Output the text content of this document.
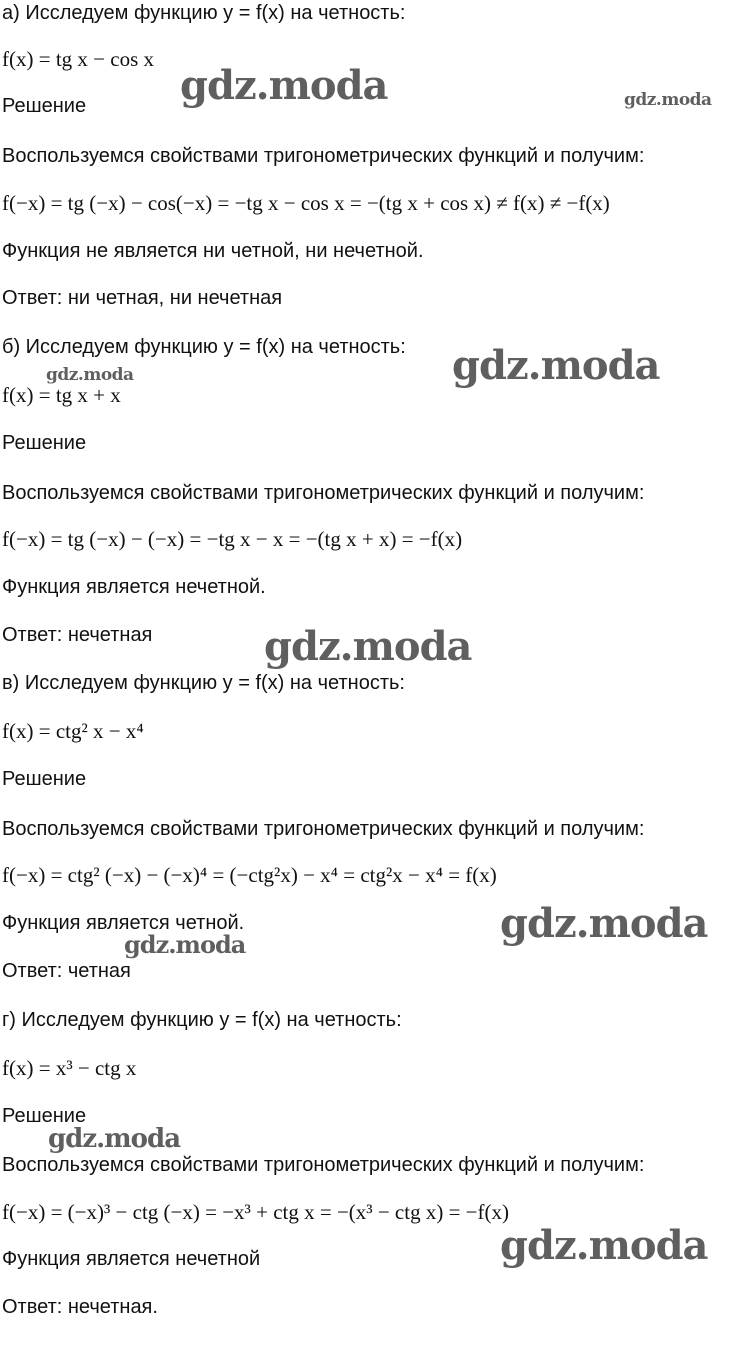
а) Исследуем функцию y = f(x) на четность:
f(x) = tg x − cos x
Решение
Воспользуемся свойствами тригонометрических функций и получим:
f(−x) = tg (−x) − cos(−x) = −tg x − cos x = −(tg x + cos x) ≠ f(x) ≠ −f(x)
Функция не является ни четной, ни нечетной.
Ответ: ни четная, ни нечетная
б) Исследуем функцию y = f(x) на четность:
f(x) = tg x + x
Решение
Воспользуемся свойствами тригонометрических функций и получим:
f(−x) = tg (−x) − (−x) = −tg x − x = −(tg x + x) = −f(x)
Функция является нечетной.
Ответ: нечетная
в) Исследуем функцию y = f(x) на четность:
f(x) = ctg² x − x⁴
Решение
Воспользуемся свойствами тригонометрических функций и получим:
f(−x) = ctg² (−x) − (−x)⁴ = (−ctg²x) − x⁴ = ctg²x − x⁴ = f(x)
Функция является четной.
Ответ: четная
г) Исследуем функцию y = f(x) на четность:
f(x) = x³ − ctg x
Решение
Воспользуемся свойствами тригонометрических функций и получим:
f(−x) = (−x)³ − ctg (−x) = −x³ + ctg x = −(x³ − ctg x) = −f(x)
Функция является нечетной
Ответ: нечетная.
gdz.moda	gdz.moda
gdz.moda
gdz.moda
gdz.moda
gdz.moda
gdz.moda
gdz.moda
gdz.moda
